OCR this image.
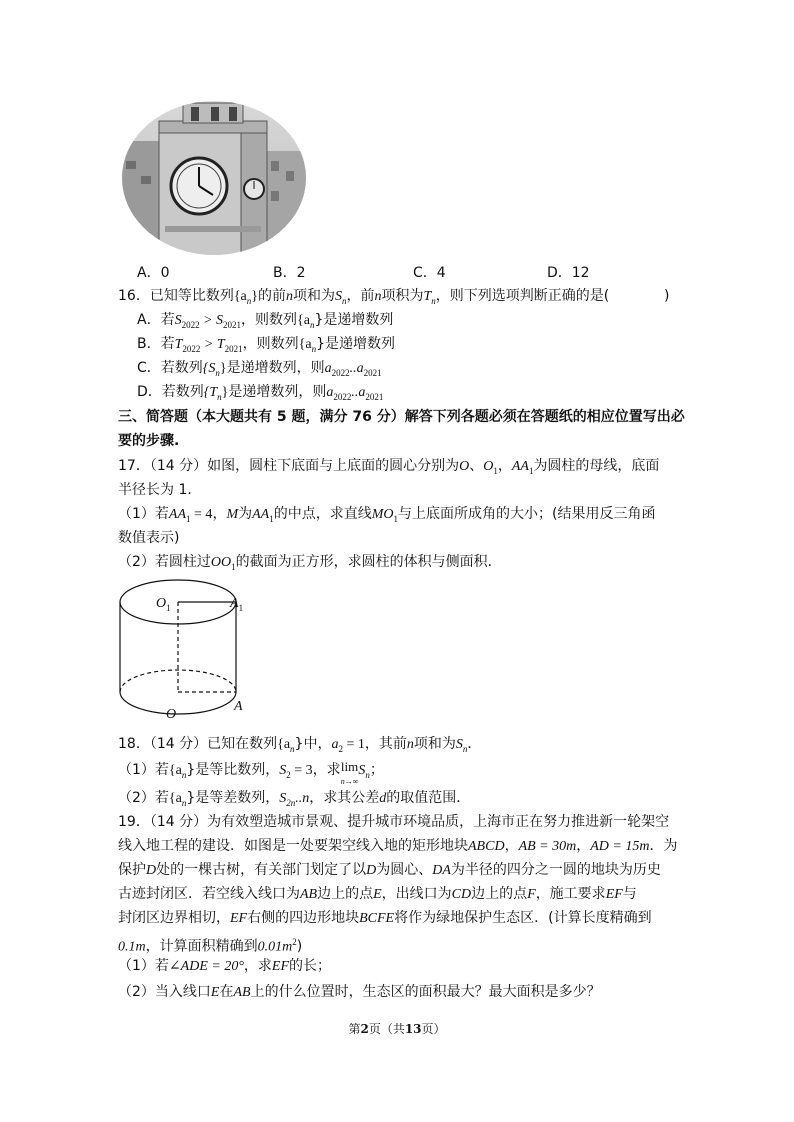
A．0	B．2	C．4	D．12
16．已知等比数列$\{a_n\}$的前n项和为$S_n$，前n项积为$T_n$，则下列选项判断正确的是(	)
A．若$S_{2022} > S_{2021}$，则数列$\{a_n\}$是递增数列
B．若$T_{2022} > T_{2021}$，则数列$\{a_n\}$是递增数列
C．若数列$\{S_n\}$是递增数列，则$a_{2022}..a_{2021}$
D．若数列$\{T_n\}$是递增数列，则$a_{2022}..a_{2021}$
三、简答题（本大题共有 5 题，满分 76 分）解答下列各题必须在答题纸的相应位置写出必
要的步骤.
17．（14 分）如图，圆柱下底面与上底面的圆心分别为O、$O_1$，$AA_1$为圆柱的母线，底面
半径长为 1．
（1）若$AA_1 = 4$，M为$AA_1$的中点，求直线$MO_1$与上底面所成角的大小；(结果用反三角函
数值表示)
（2）若圆柱过$OO_1$的截面为正方形，求圆柱的体积与侧面积．
$O_1$	$A_1$
O
A
18．（14 分）已知在数列$\{a_n\}$中，$a_2 = 1$，其前n项和为$S_n$．
（1）若$\{a_n\}$是等比数列，$S_2 = 3$，求lim
$n\to\infty S_n$；
（2）若$\{a_n\}$是等差数列，$S_{2n}..n$，求其公差d的取值范围．
19．（14 分）为有效塑造城市景观、提升城市环境品质，上海市正在努力推进新一轮架空
线入地工程的建设．如图是一处要架空线入地的矩形地块ABCD，AB = 30m，AD = 15m．为
保护D处的一棵古树，有关部门划定了以D为圆心、DA为半径的四分之一圆的地块为历史
古迹封闭区．若空线入线口为AB边上的点E，出线口为CD边上的点F，施工要求EF与
封闭区边界相切，EF右侧的四边形地块BCFE将作为绿地保护生态区．(计算长度精确到
0.1m，计算面积精确到$0.01m^2$)
（1）若∠ADE = 20°，求EF的长；
（2）当入线口E在AB上的什么位置时，生态区的面积最大？最大面积是多少？
第2页（共13页）
